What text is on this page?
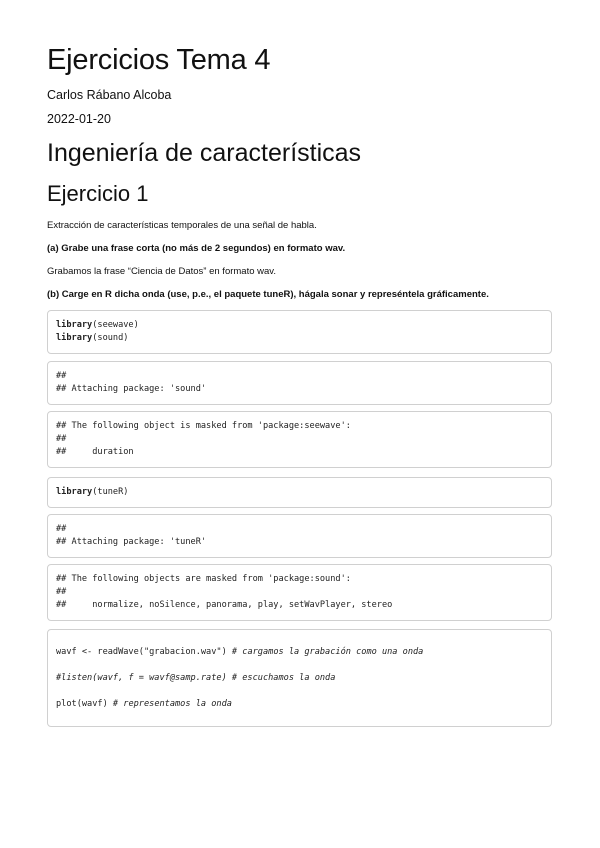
Ejercicios Tema 4

Carlos Rábano Alcoba

2022-01-20

Ingeniería de características
Ejercicio 1

Extracción de características temporales de una señal de habla.

(a) Grabe una frase corta (no más de 2 segundos) en formato wav.

Grabamos la frase “Ciencia de Datos” en formato wav.

(b) Carge en R dicha onda (use, p.e., el paquete tuneR), hágala sonar y represéntela gráficamente.

library(seewave)
library(sound)
##
## Attaching package: 'sound'
## The following object is masked from 'package:seewave':
##
##     duration
library(tuneR)
##
## Attaching package: 'tuneR'
## The following objects are masked from 'package:sound':
##
##     normalize, noSilence, panorama, play, setWavPlayer, stereo
wavf <- readWave("grabacion.wav") # cargamos la grabación como una onda
#listen(wavf, f = wavf@samp.rate) # escuchamos la onda
plot(wavf) # representamos la onda
